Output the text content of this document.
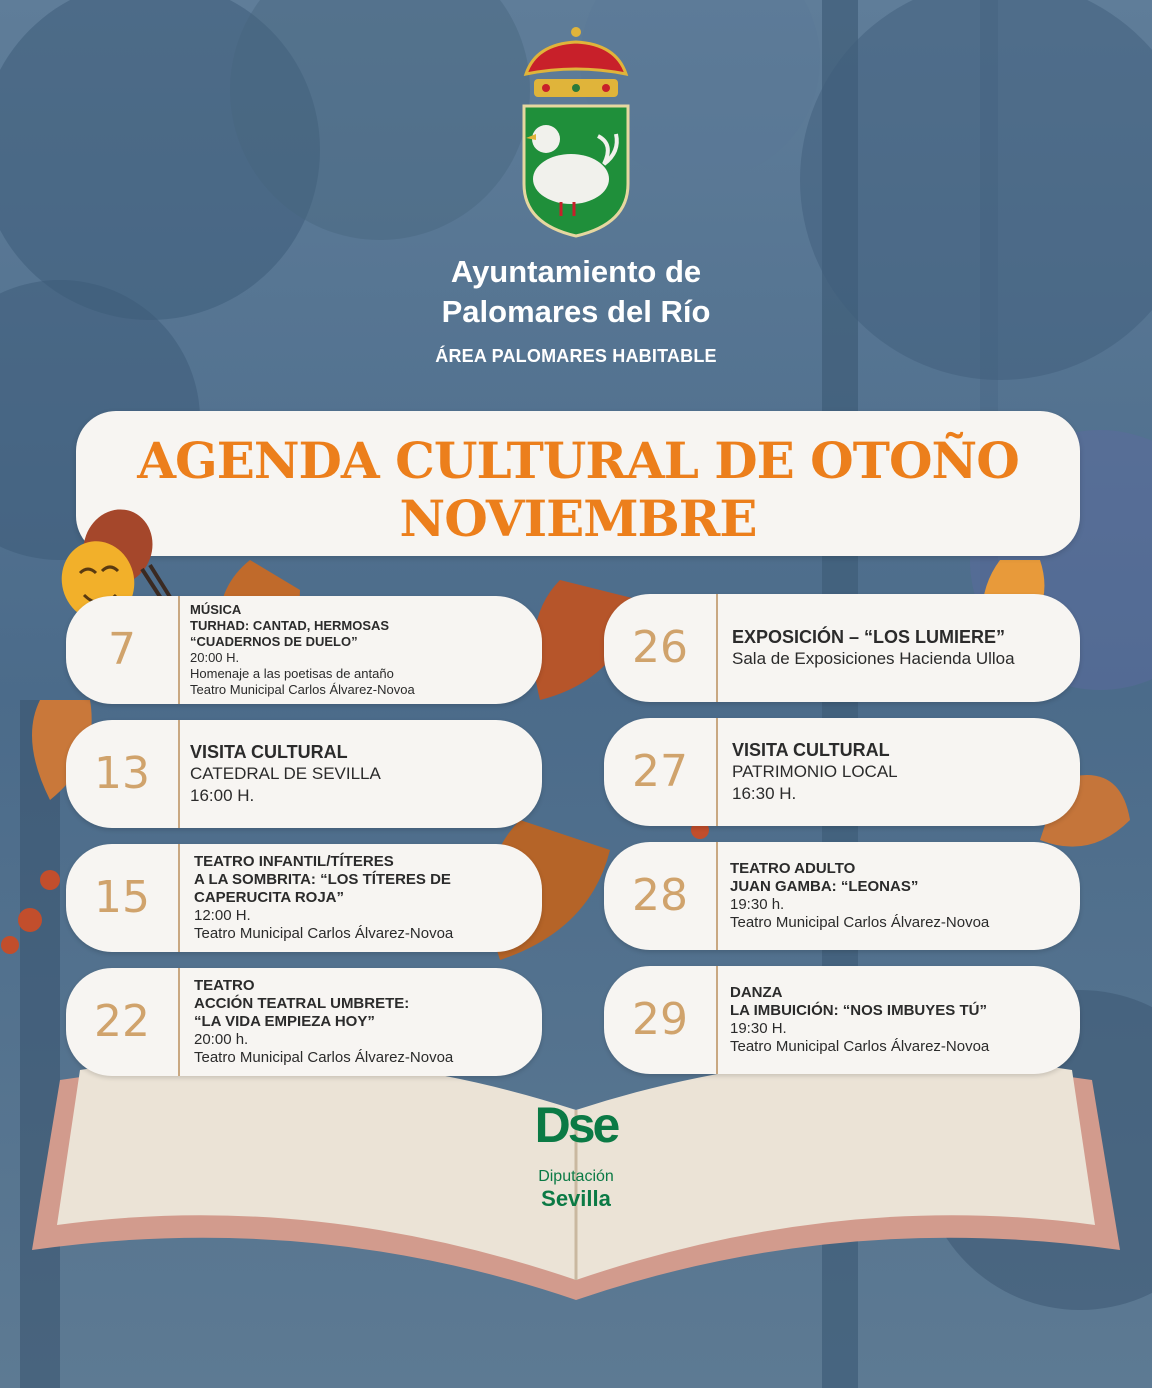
Ayuntamiento de
Palomares del Río
ÁREA PALOMARES HABITABLE
AGENDA CULTURAL DE OTOÑO
NOVIEMBRE
7
MÚSICA
TURHAD: CANTAD, HERMOSAS
“CUADERNOS DE DUELO”
20:00 H.
Homenaje a las poetisas de antaño
Teatro Municipal Carlos Álvarez-Novoa
13	VISITA CULTURAL
CATEDRAL DE SEVILLA
16:00 H.
15
TEATRO INFANTIL/TÍTERES
A LA SOMBRITA: “LOS TÍTERES DE
CAPERUCITA ROJA”
12:00 H.
Teatro Municipal Carlos Álvarez-Novoa
22
TEATRO
ACCIÓN TEATRAL UMBRETE:
“LA VIDA EMPIEZA HOY”
20:00 h.
Teatro Municipal Carlos Álvarez-Novoa
26	EXPOSICIÓN – “LOS LUMIERE”
Sala de Exposiciones Hacienda Ulloa
27	VISITA CULTURAL
PATRIMONIO LOCAL
16:30 H.
28
TEATRO ADULTO
JUAN GAMBA: “LEONAS”
19:30 h.
Teatro Municipal Carlos Álvarez-Novoa
29
DANZA
LA IMBUICIÓN: “NOS IMBUYES TÚ”
19:30 H.
Teatro Municipal Carlos Álvarez-Novoa
Dse
Diputación
Sevilla
